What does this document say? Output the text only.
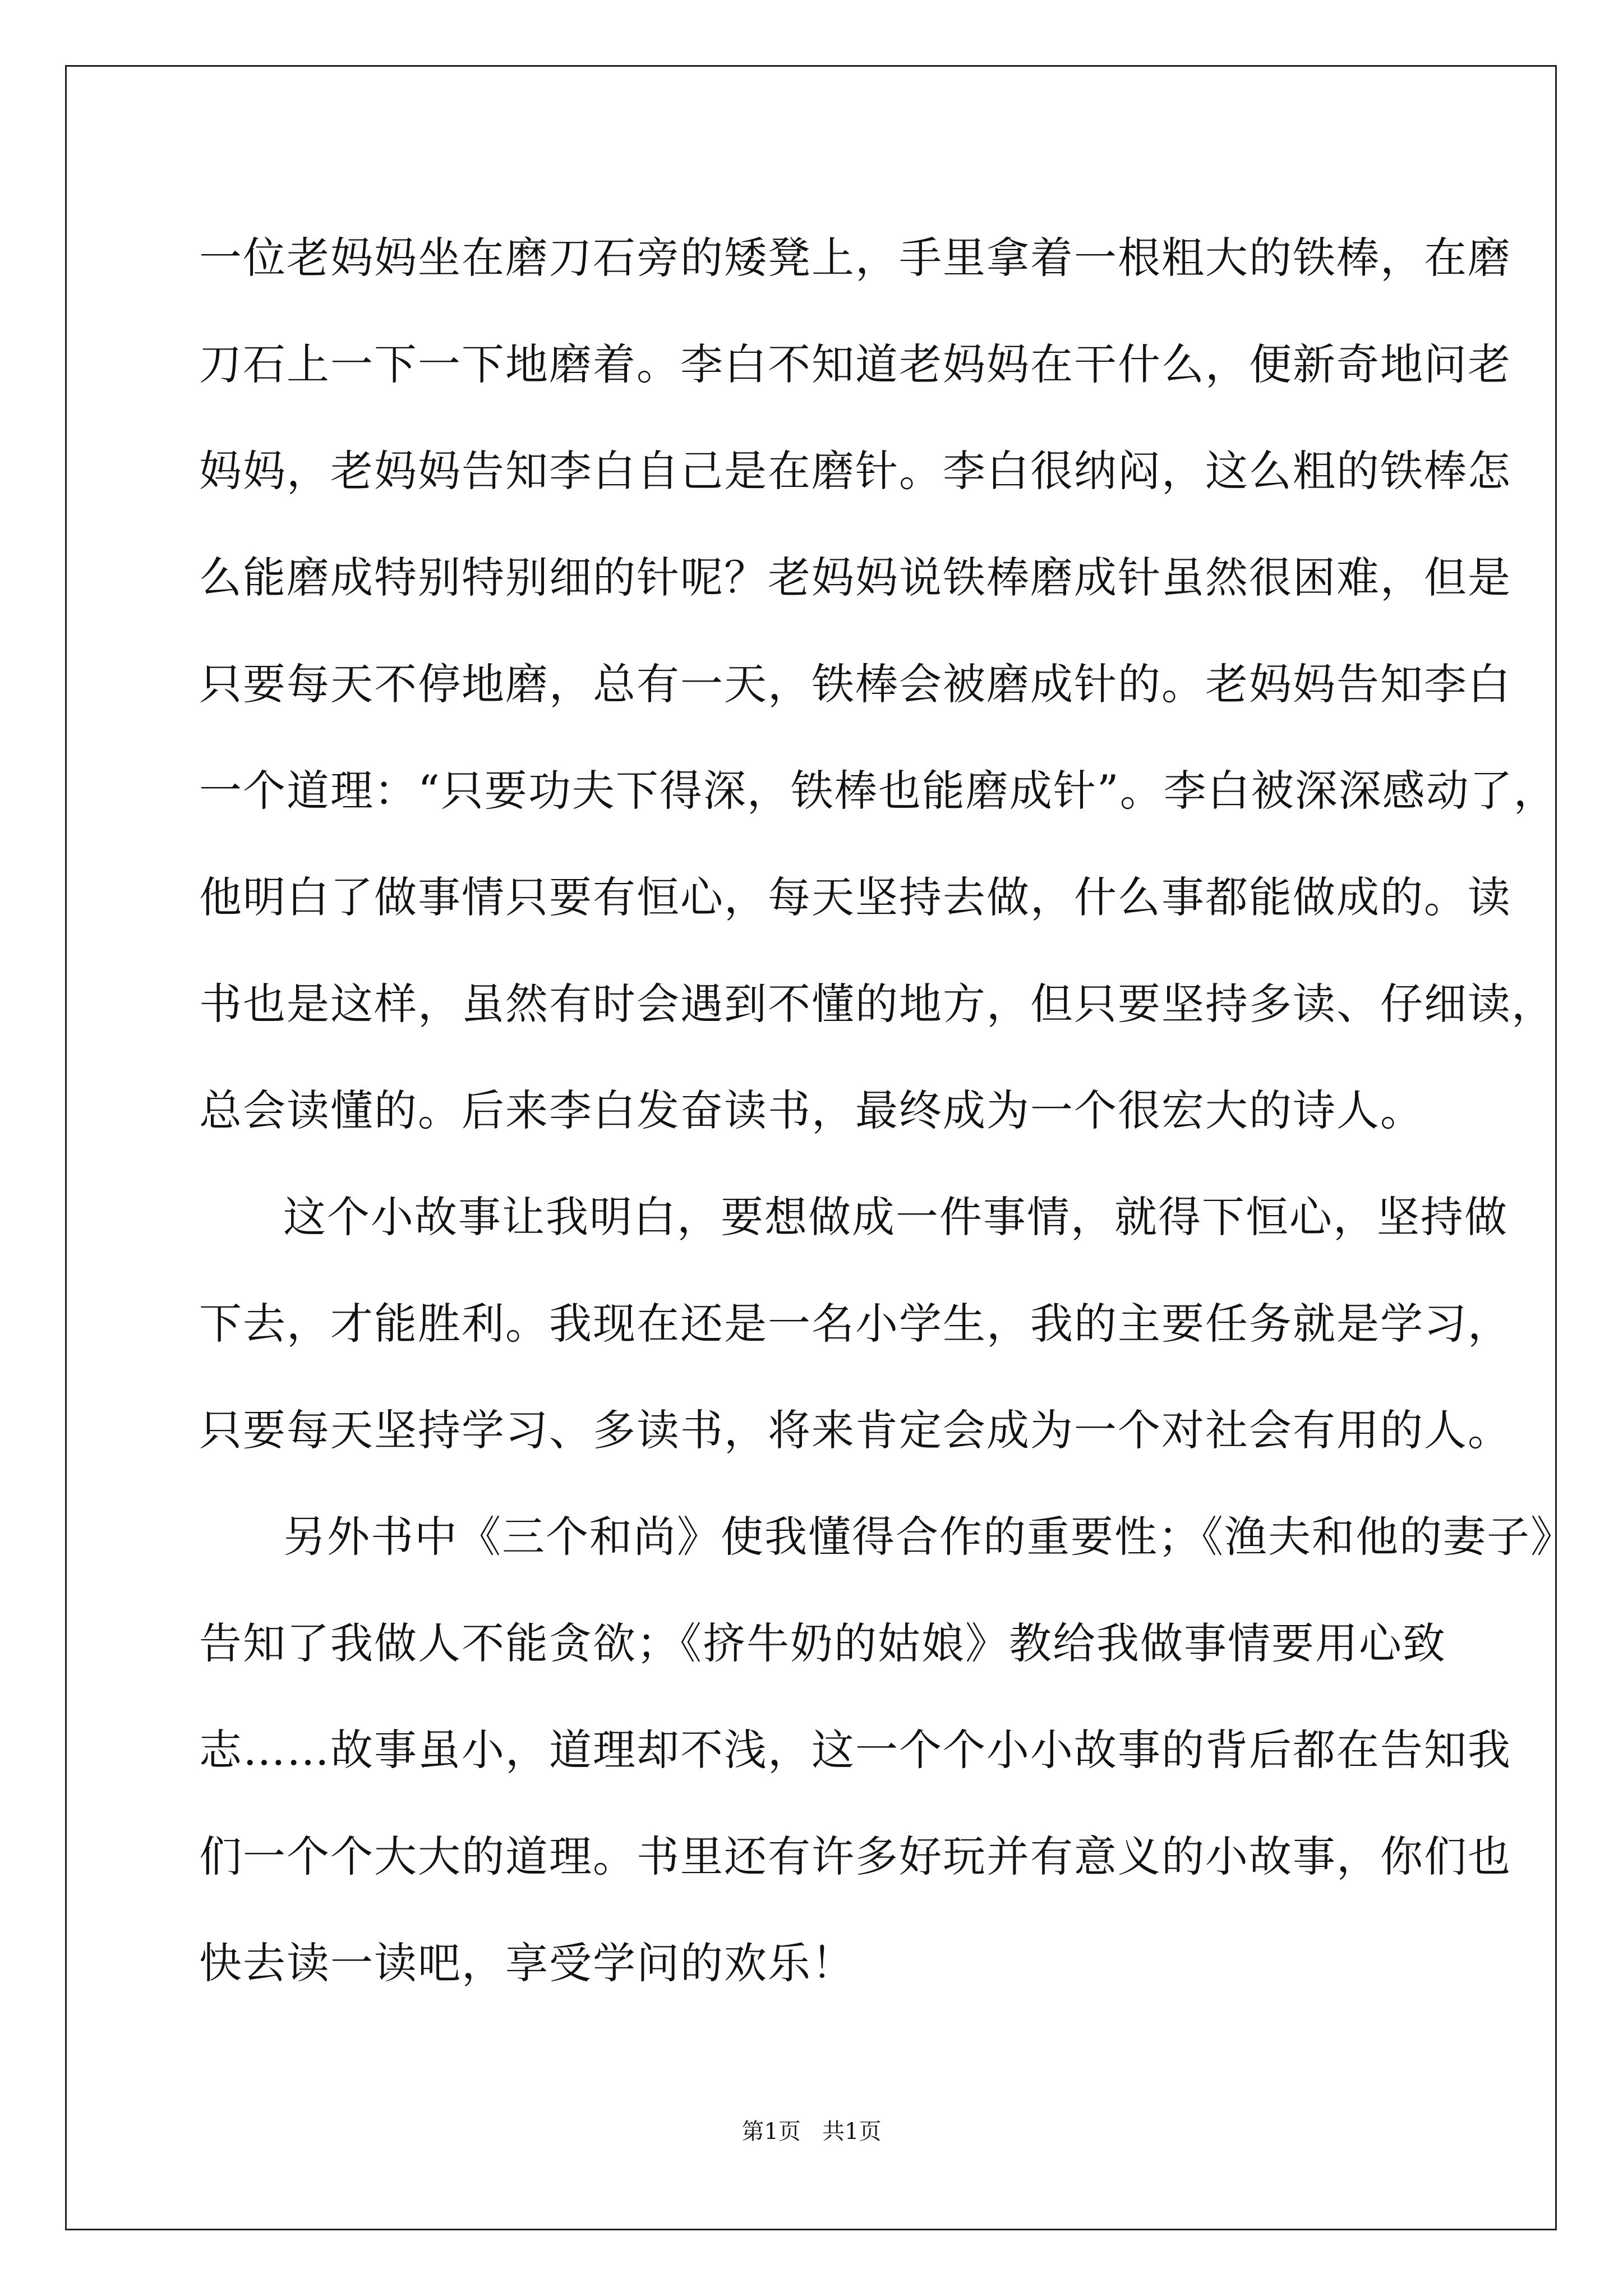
一位老妈妈坐在磨刀石旁的矮凳上，手里拿着一根粗大的铁棒，在磨
刀石上一下一下地磨着。李白不知道老妈妈在干什么，便新奇地问老
妈妈，老妈妈告知李白自己是在磨针。李白很纳闷，这么粗的铁棒怎
么能磨成特别特别细的针呢？老妈妈说铁棒磨成针虽然很困难，但是
只要每天不停地磨，总有一天，铁棒会被磨成针的。老妈妈告知李白
一个道理：“只要功夫下得深，铁棒也能磨成针”。李白被深深感动了，
他明白了做事情只要有恒心，每天坚持去做，什么事都能做成的。读
书也是这样，虽然有时会遇到不懂的地方，但只要坚持多读、仔细读，
总会读懂的。后来李白发奋读书，最终成为一个很宏大的诗人。
这个小故事让我明白，要想做成一件事情，就得下恒心，坚持做
下去，才能胜利。我现在还是一名小学生，我的主要任务就是学习，
只要每天坚持学习、多读书，将来肯定会成为一个对社会有用的人。
另外书中《三个和尚》使我懂得合作的重要性；《渔夫和他的妻子》
告知了我做人不能贪欲；《挤牛奶的姑娘》教给我做事情要用心致
志……故事虽小，道理却不浅，这一个个小小故事的背后都在告知我
们一个个大大的道理。书里还有许多好玩并有意义的小故事，你们也
快去读一读吧，享受学问的欢乐！
第1页   共1页
